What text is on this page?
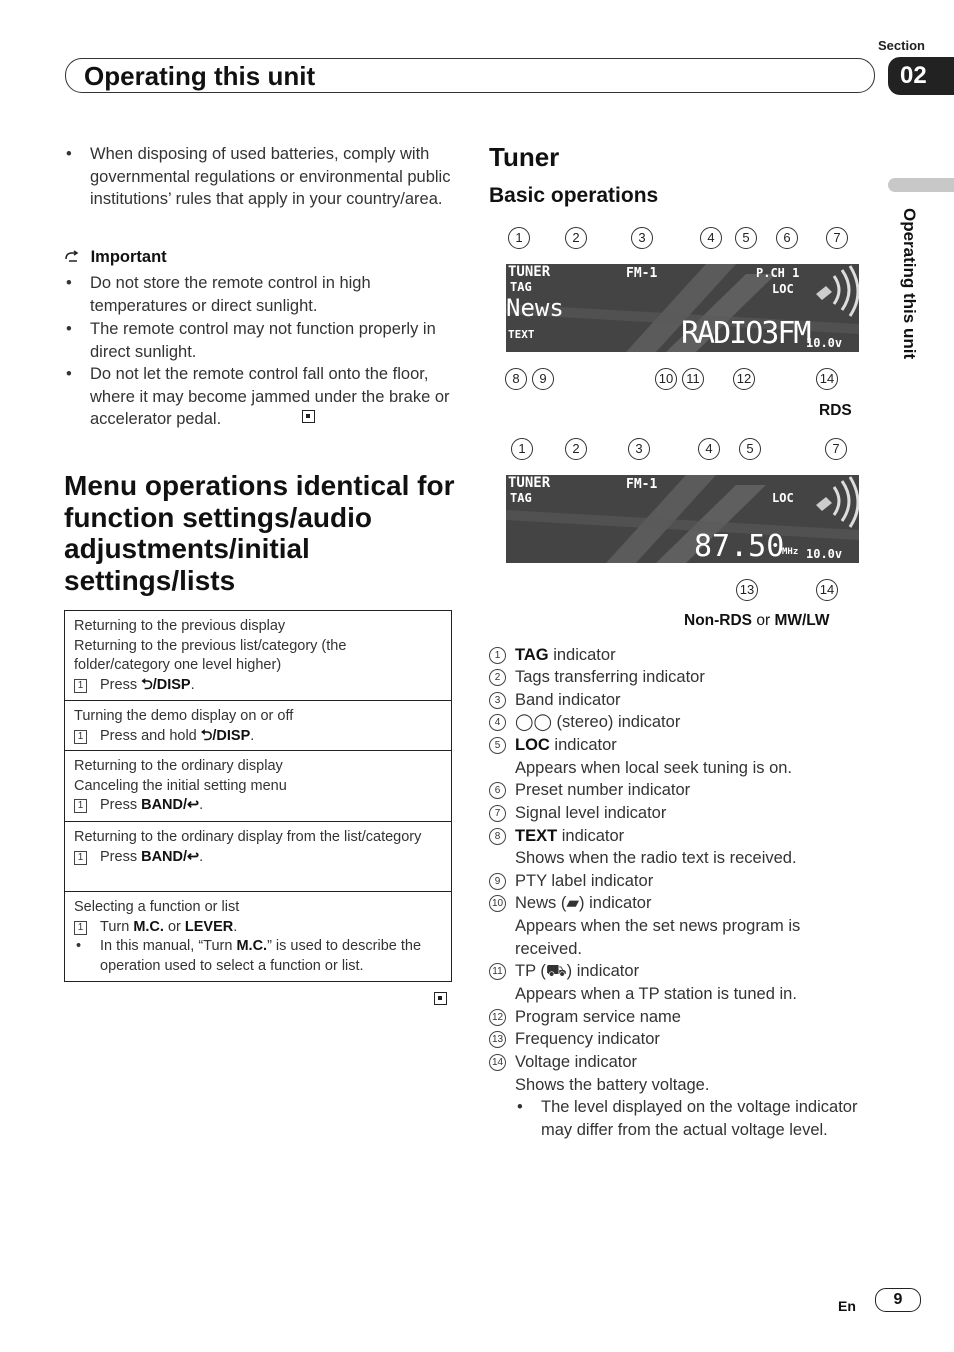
Section
02
Operating this unit
Operating this unit
• When disposing of used batteries, comply with governmental regulations or environmental public institutions’ rules that apply in your country/area.
Important
• Do not store the remote control in high temperatures or direct sunlight.
• The remote control may not function properly in direct sunlight.
• Do not let the remote control fall onto the floor, where it may become jammed under the brake or accelerator pedal.
Menu operations identical for function settings/audio adjustments/initial settings/lists
Returning to the previous display
Returning to the previous list/category (the folder/category one level higher)
1 Press ⮌/DISP.
Turning the demo display on or off
1 Press and hold ⮌/DISP.
Returning to the ordinary display
Canceling the initial setting menu
1 Press BAND/↩.
Returning to the ordinary display from the list/category
1 Press BAND/↩.
Selecting a function or list
1 Turn M.C. or LEVER.
• In this manual, “Turn M.C.” is used to describe the operation used to select a function or list.
Tuner
Basic operations
1	2	3	4	5	6	7
TUNER
TAG
FM-1	P.CH 1
LOC
News
TEXT	RADIO3FM
10.0v
8	9	10	11	12	14
RDS
1	2	3	4	5	7
TUNER
TAG
FM-1
LOC
87.50
MHz 10.0v
13	14
Non-RDS or MW/LW
1 TAG indicator
2 Tags transferring indicator
3 Band indicator
4 ◯◯ (stereo) indicator
5 LOC indicator
Appears when local seek tuning is on.
6 Preset number indicator
7 Signal level indicator
8 TEXT indicator
Shows when the radio text is received.
9 PTY label indicator
10 News (▰) indicator
Appears when the set news program is received.
11 TP (⛟) indicator
Appears when a TP station is tuned in.
12 Program service name
13 Frequency indicator
14 Voltage indicator
Shows the battery voltage.
• The level displayed on the voltage indicator may differ from the actual voltage level.
En	9
